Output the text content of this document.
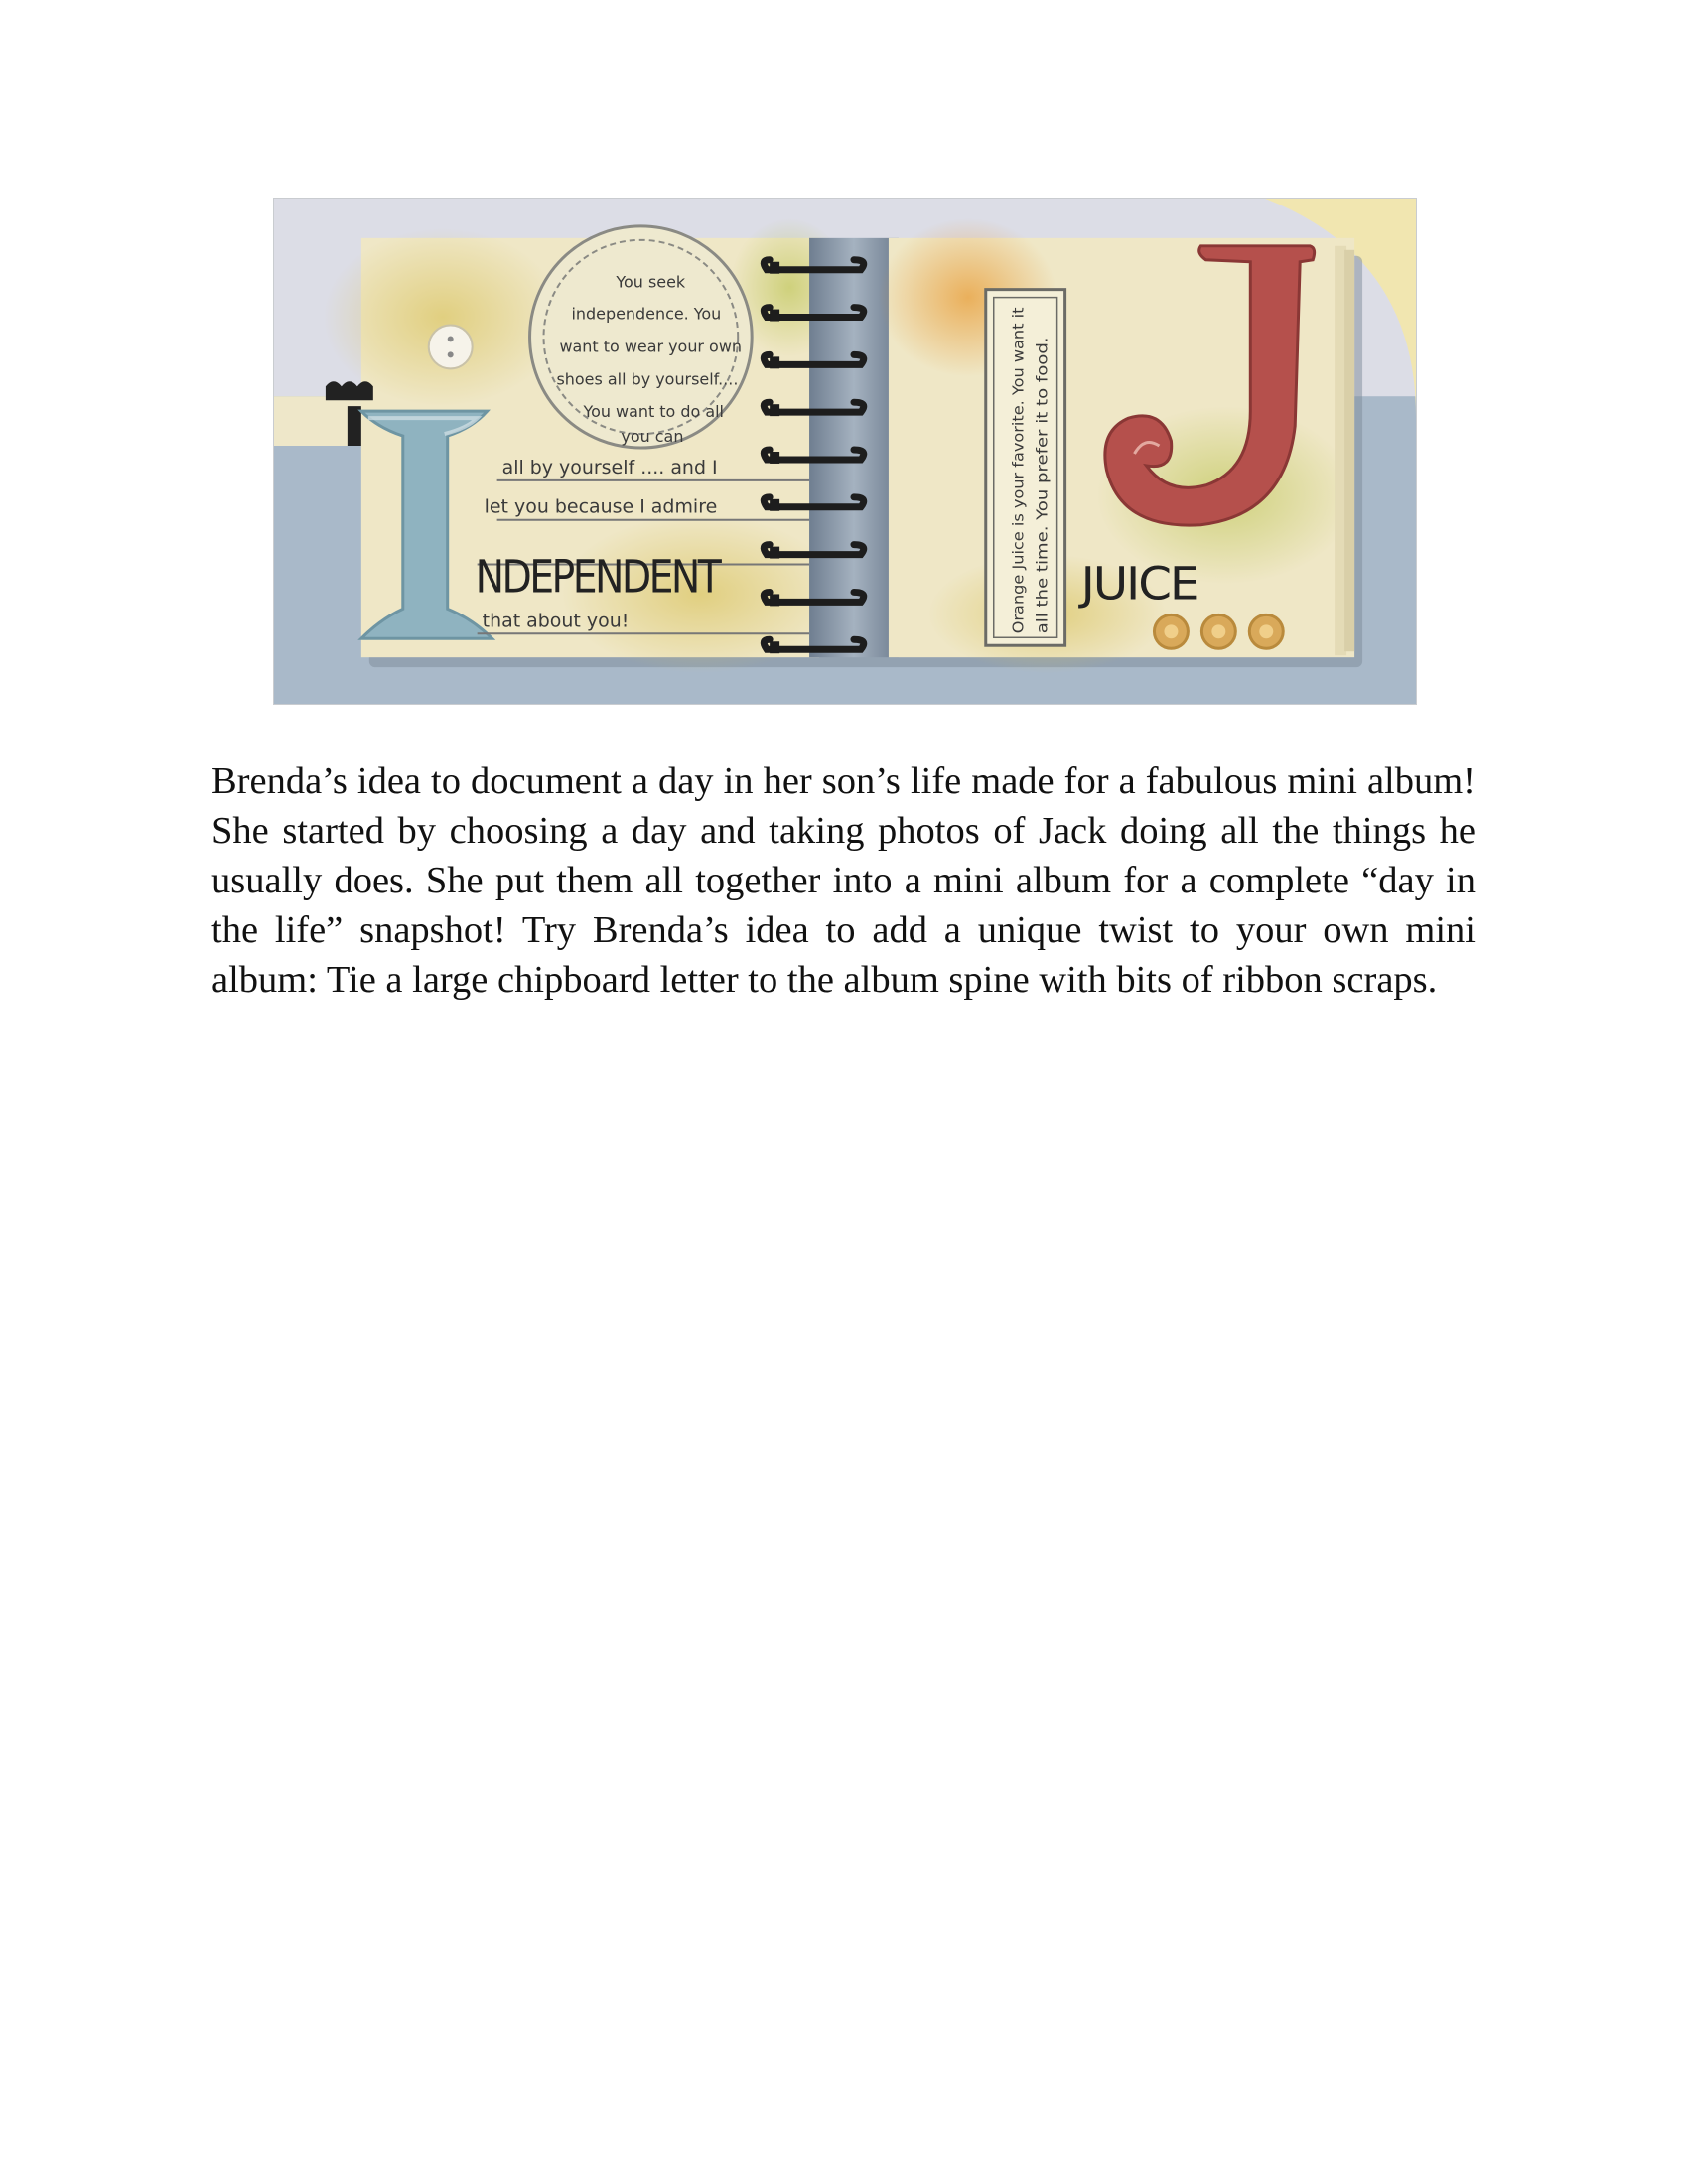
You seek
independence. You
want to wear your own
shoes all by yourself....
You want to do all
you can
all by yourself .... and I
let you because I admire
NDEPENDENT
that about you!	Orange Juice is your favorite. You want it all the time. You prefer it to food. JUICE

Brenda’s idea to document a day in her son’s life made for a fabulous mini album! She started by choosing a day and taking photos of Jack doing all the things he usually does. She put them all together into a mini album for a complete “day in the life” snapshot! Try Brenda’s idea to add a unique twist to your own mini album: Tie a large chipboard letter to the album spine with bits of ribbon scraps.
